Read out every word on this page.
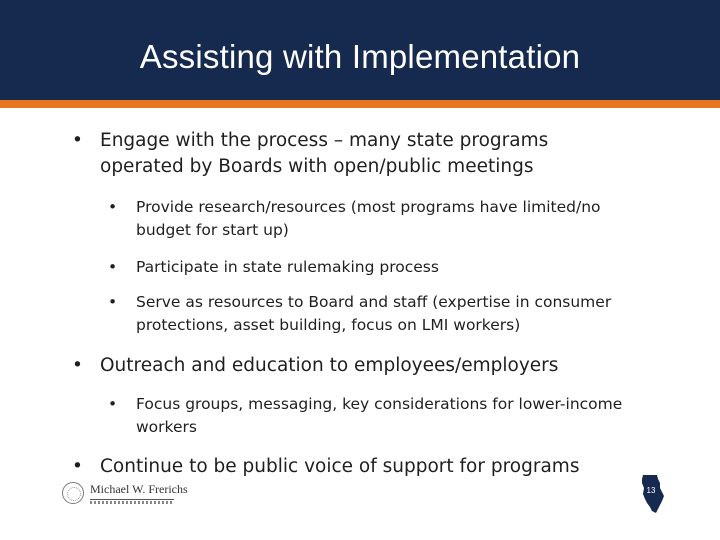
Assisting with Implementation
• Engage with the process – many state programs operated by Boards with open/public meetings
•	Provide research/resources (most programs have limited/no budget for start up)
•	Participate in state rulemaking process
•	Serve as resources to Board and staff (expertise in consumer protections, asset building, focus on LMI workers)
• Outreach and education to employees/employers
•	Focus groups, messaging, key considerations for lower-income workers
• Continue to be public voice of support for programs
Michael W. Frerichs	13
